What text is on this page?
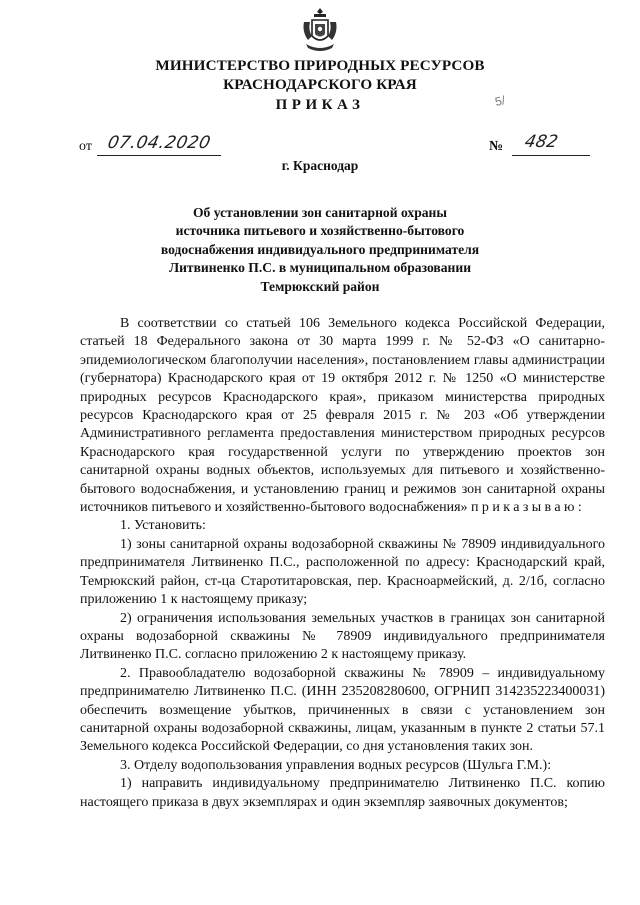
МИНИСТЕРСТВО ПРИРОДНЫХ РЕСУРСОВ
КРАСНОДАРСКОГО КРАЯ
ПРИКАЗ	5/
от 07.04.2020	№ 482
г. Краснодар
Об установлении зон санитарной охраны
источника питьевого и хозяйственно-бытового
водоснабжения индивидуального предпринимателя
Литвиненко П.С. в муниципальном образовании
Темрюкский район

В соответствии со статьей 106 Земельного кодекса Российской Федерации, статьей 18 Федерального закона от 30 марта 1999 г. № 52-ФЗ «О санитарно-эпидемиологическом благополучии населения», постановлением главы администрации (губернатора) Краснодарского края от 19 октября 2012 г. № 1250 «О министерстве природных ресурсов Краснодарского края», приказом министерства природных ресурсов Краснодарского края от 25 февраля 2015 г. № 203 «Об утверждении Административного регламента предоставления министерством природных ресурсов Краснодарского края государственной услуги по утверждению проектов зон санитарной охраны водных объектов, используемых для питьевого и хозяйственно-бытового водоснабжения, и установлению границ и режимов зон санитарной охраны источников питьевого и хозяйственно-бытового водоснабжения» приказываю:

1. Установить:

1) зоны санитарной охраны водозаборной скважины № 78909 индивидуального предпринимателя Литвиненко П.С., расположенной по адресу: Краснодарский край, Темрюкский район, ст-ца Старотитаровская, пер. Красноармейский, д. 2/1б, согласно приложению 1 к настоящему приказу;

2) ограничения использования земельных участков в границах зон санитарной охраны водозаборной скважины № 78909 индивидуального предпринимателя Литвиненко П.С. согласно приложению 2 к настоящему приказу.

2. Правообладателю водозаборной скважины № 78909 – индивидуальному предпринимателю Литвиненко П.С. (ИНН 235208280600, ОГРНИП 314235223400031) обеспечить возмещение убытков, причиненных в связи с установлением зон санитарной охраны водозаборной скважины, лицам, указанным в пункте 2 статьи 57.1 Земельного кодекса Российской Федерации, со дня установления таких зон.

3. Отделу водопользования управления водных ресурсов (Шульга Г.М.):

1) направить индивидуальному предпринимателю Литвиненко П.С. копию настоящего приказа в двух экземплярах и один экземпляр заявочных документов;
